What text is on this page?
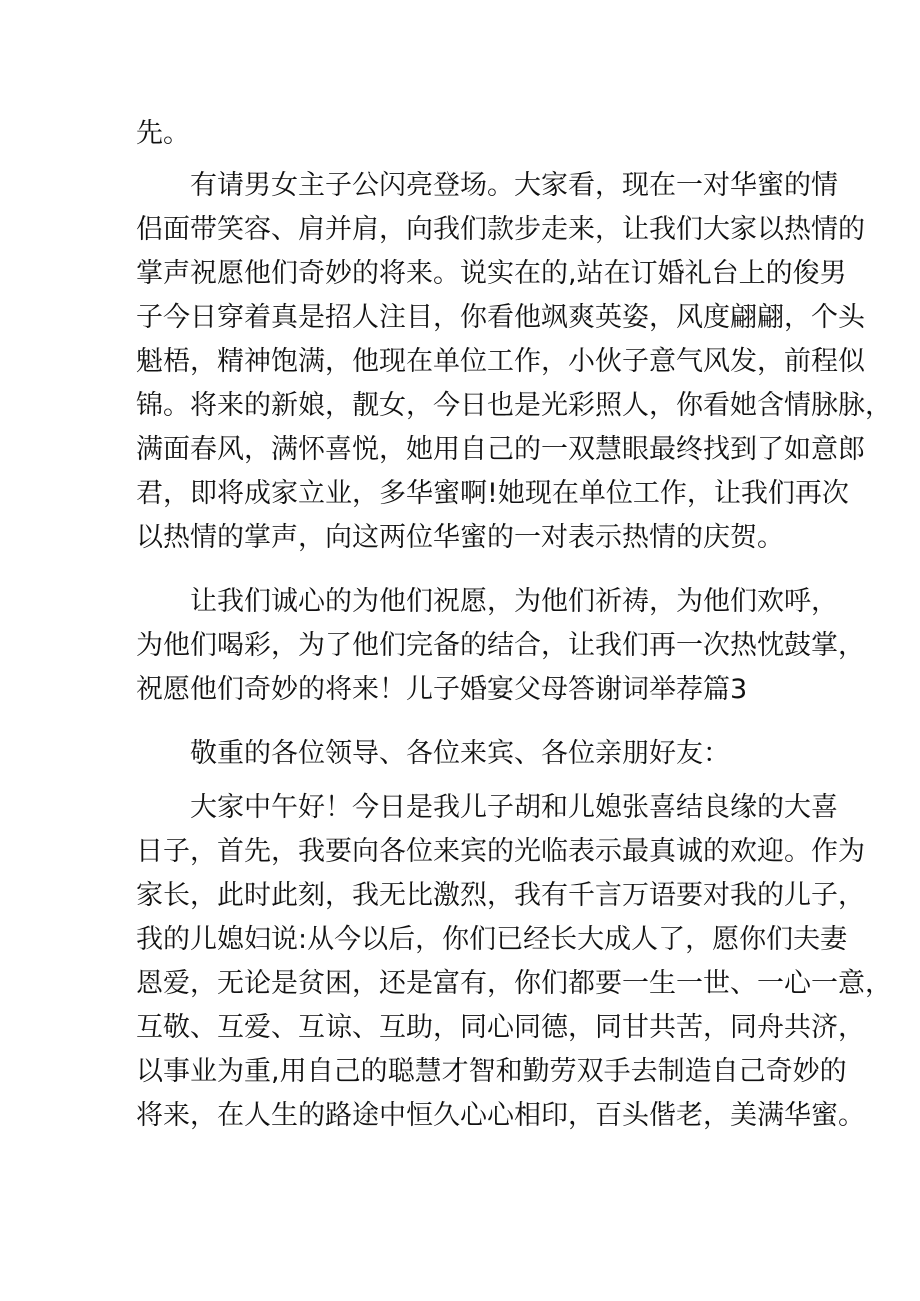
先。
有请男女主子公闪亮登场。大家看，现在一对华蜜的情
侣面带笑容、肩并肩，向我们款步走来，让我们大家以热情的
掌声祝愿他们奇妙的将来。说实在的,站在订婚礼台上的俊男
子今日穿着真是招人注目，你看他飒爽英姿，风度翩翩，个头
魁梧，精神饱满，他现在单位工作，小伙子意气风发，前程似
锦。将来的新娘，靓女，今日也是光彩照人，你看她含情脉脉，
满面春风，满怀喜悦，她用自己的一双慧眼最终找到了如意郎
君，即将成家立业，多华蜜啊!她现在单位工作，让我们再次
以热情的掌声，向这两位华蜜的一对表示热情的庆贺。
让我们诚心的为他们祝愿，为他们祈祷，为他们欢呼，
为他们喝彩，为了他们完备的结合，让我们再一次热忱鼓掌，
祝愿他们奇妙的将来！儿子婚宴父母答谢词举荐篇3
敬重的各位领导、各位来宾、各位亲朋好友：
大家中午好！今日是我儿子胡和儿媳张喜结良缘的大喜
日子，首先，我要向各位来宾的光临表示最真诚的欢迎。作为
家长，此时此刻，我无比激烈，我有千言万语要对我的儿子，
我的儿媳妇说:从今以后，你们已经长大成人了，愿你们夫妻
恩爱，无论是贫困，还是富有，你们都要一生一世、一心一意，
互敬、互爱、互谅、互助，同心同德，同甘共苦，同舟共济，
以事业为重,用自己的聪慧才智和勤劳双手去制造自己奇妙的
将来，在人生的路途中恒久心心相印，百头偕老，美满华蜜。
